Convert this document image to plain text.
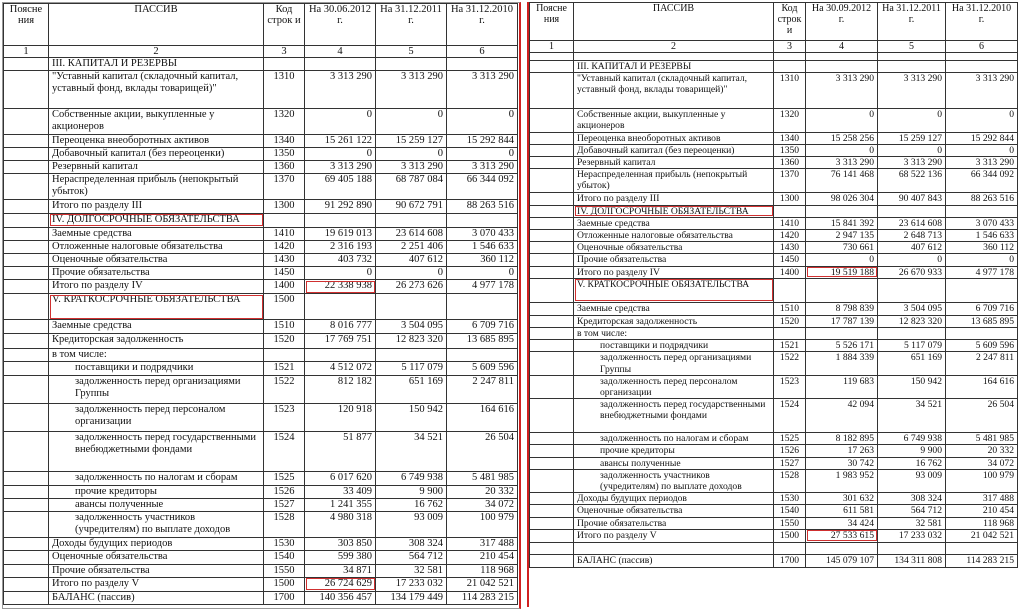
Поясне ния	ПАССИВ	Код строк и	На 30.06.2012 г.	На 31.12.2011 г.	На 31.12.2010 г.
1	2	3	4	5	6
	III. КАПИТАЛ И РЕЗЕРВЫ				
	"Уставный капитал (складочный капитал, уставный фонд, вклады товарищей)"	1310	3 313 290	3 313 290	3 313 290
	Собственные акции, выкупленные у акционеров	1320	0	0	0
	Переоценка внеоборотных активов	1340	15 261 122	15 259 127	15 292 844
	Добавочный капитал (без переоценки)	1350	0	0	0
	Резервный капитал	1360	3 313 290	3 313 290	3 313 290
	Нераспределенная прибыль (непокрытый убыток)	1370	69 405 188	68 787 084	66 344 092
	Итого по разделу III	1300	91 292 890	90 672 791	88 263 516
	IV. ДОЛГОСРОЧНЫЕ ОБЯЗАТЕЛЬСТВА				
	Заемные средства	1410	19 619 013	23 614 608	3 070 433
	Отложенные налоговые обязательства	1420	2 316 193	2 251 406	1 546 633
	Оценочные обязательства	1430	403 732	407 612	360 112
	Прочие обязательства	1450	0	0	0
	Итого по разделу IV	1400	22 338 938	26 273 626	4 977 178
	V. КРАТКОСРОЧНЫЕ ОБЯЗАТЕЛЬСТВА	1500			
	Заемные средства	1510	8 016 777	3 504 095	6 709 716
	Кредиторская задолженность	1520	17 769 751	12 823 320	13 685 895
	в том числе:				
	поставщики и подрядчики	1521	4 512 072	5 117 079	5 609 596
	задолженность перед организациями Группы	1522	812 182	651 169	2 247 811
	задолженность перед персоналом организации	1523	120 918	150 942	164 616
	задолженность перед государственными внебюджетными фондами	1524	51 877	34 521	26 504
	задолженность по налогам и сборам	1525	6 017 620	6 749 938	5 481 985
	прочие кредиторы	1526	33 409	9 900	20 332
	авансы полученные	1527	1 241 355	16 762	34 072
	задолженность участников (учредителям) по выплате доходов	1528	4 980 318	93 009	100 979
	Доходы будущих периодов	1530	303 850	308 324	317 488
	Оценочные обязательства	1540	599 380	564 712	210 454
	Прочие обязательства	1550	34 871	32 581	118 968
	Итого по разделу V	1500	26 724 629	17 233 032	21 042 521
	БАЛАНС (пассив)	1700	140 356 457	134 179 449	114 283 215
Поясне ния	ПАССИВ	Код строк и	На 30.09.2012 г.	На 31.12.2011 г.	На 31.12.2010 г.
1	2	3	4	5	6

	III. КАПИТАЛ И РЕЗЕРВЫ				
	"Уставный капитал (складочный капитал, уставный фонд, вклады товарищей)"	1310	3 313 290	3 313 290	3 313 290
	Собственные акции, выкупленные у акционеров	1320	0	0	0
	Переоценка внеоборотных активов	1340	15 258 256	15 259 127	15 292 844
	Добавочный капитал (без переоценки)	1350	0	0	0
	Резервный капитал	1360	3 313 290	3 313 290	3 313 290
	Нераспределенная прибыль (непокрытый убыток)	1370	76 141 468	68 522 136	66 344 092
	Итого по разделу III	1300	98 026 304	90 407 843	88 263 516
	IV. ДОЛГОСРОЧНЫЕ ОБЯЗАТЕЛЬСТВА				
	Заемные средства	1410	15 841 392	23 614 608	3 070 433
	Отложенные налоговые обязательства	1420	2 947 135	2 648 713	1 546 633
	Оценочные обязательства	1430	730 661	407 612	360 112
	Прочие обязательства	1450	0	0	0
	Итого по разделу IV	1400	19 519 188	26 670 933	4 977 178
	V. КРАТКОСРОЧНЫЕ ОБЯЗАТЕЛЬСТВА				
	Заемные средства	1510	8 798 839	3 504 095	6 709 716
	Кредиторская задолженность	1520	17 787 139	12 823 320	13 685 895
	в том числе:				
	поставщики и подрядчики	1521	5 526 171	5 117 079	5 609 596
	задолженность перед организациями Группы	1522	1 884 339	651 169	2 247 811
	задолженность перед персоналом организации	1523	119 683	150 942	164 616
	задолженность перед государственными внебюджетными фондами	1524	42 094	34 521	26 504
	задолженность по налогам и сборам	1525	8 182 895	6 749 938	5 481 985
	прочие кредиторы	1526	17 263	9 900	20 332
	авансы полученные	1527	30 742	16 762	34 072
	задолженность участников (учредителям) по выплате доходов	1528	1 983 952	93 009	100 979
	Доходы будущих периодов	1530	301 632	308 324	317 488
	Оценочные обязательства	1540	611 581	564 712	210 454
	Прочие обязательства	1550	34 424	32 581	118 968
	Итого по разделу V	1500	27 533 615	17 233 032	21 042 521

	БАЛАНС (пассив)	1700	145 079 107	134 311 808	114 283 215
